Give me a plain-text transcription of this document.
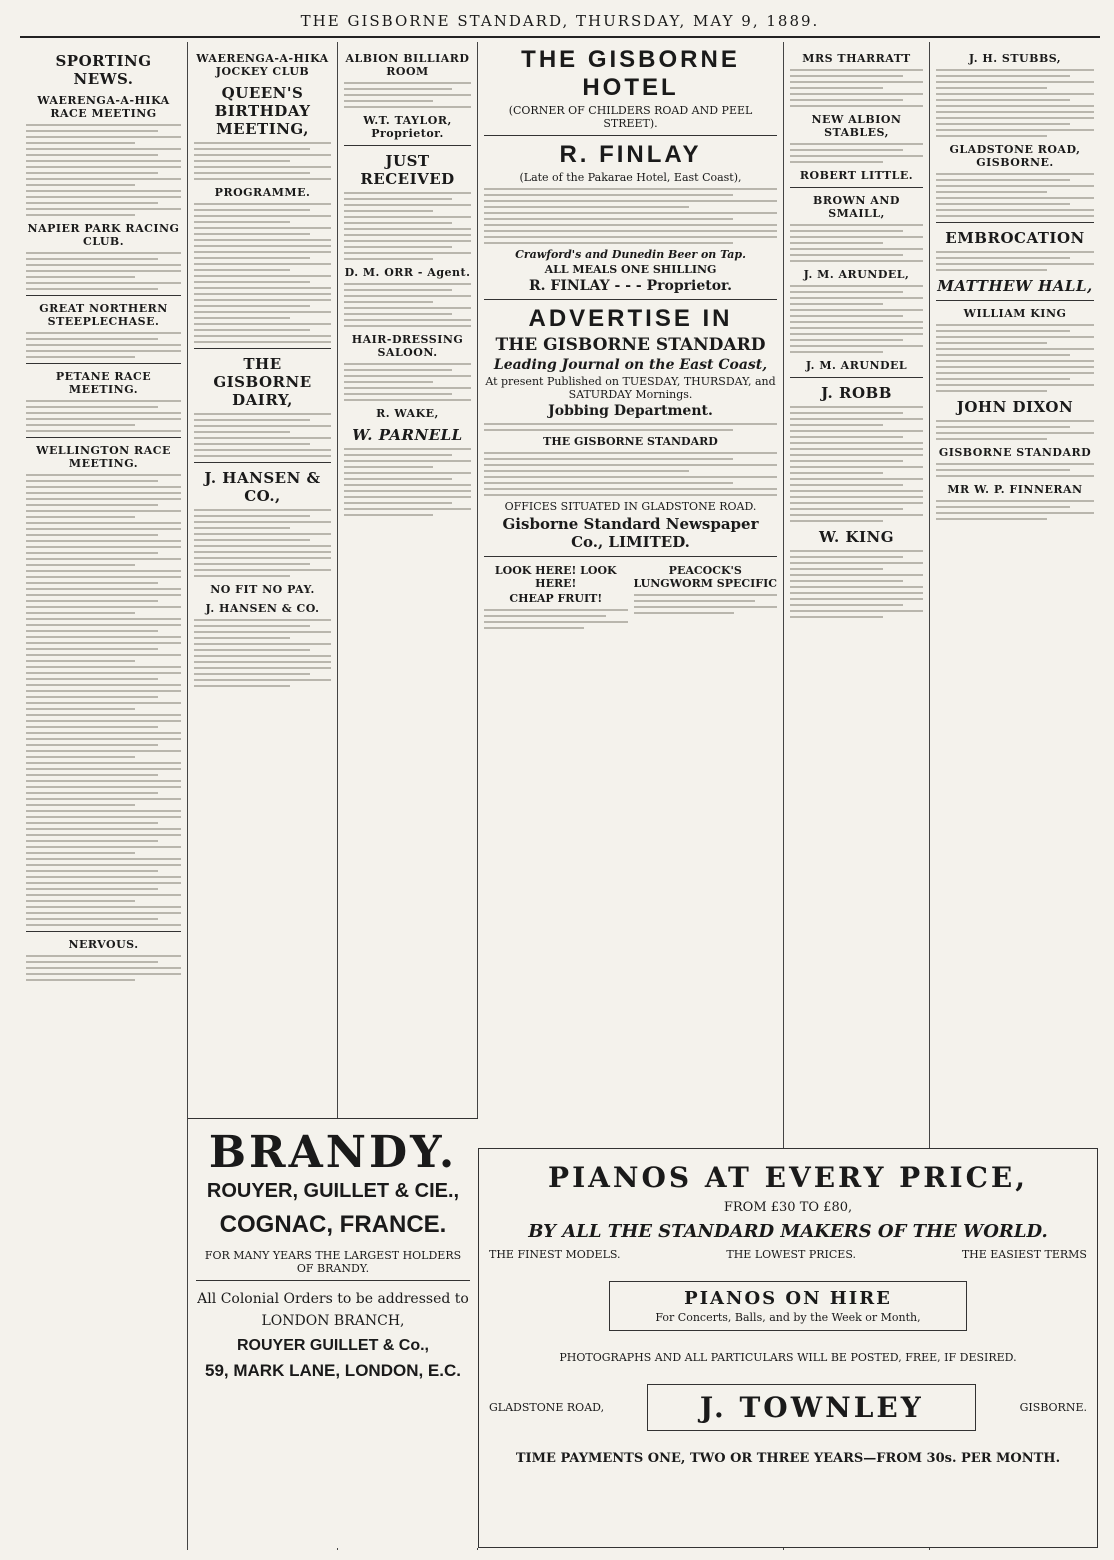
THE GISBORNE STANDARD, THURSDAY, MAY 9, 1889.
SPORTING NEWS.
WAERENGA-A-HIKA RACE MEETING
NAPIER PARK RACING CLUB.
GREAT NORTHERN STEEPLECHASE.
PETANE RACE MEETING.
WELLINGTON RACE MEETING.
NERVOUS.
WAERENGA-A-HIKA JOCKEY CLUB
QUEEN'S BIRTHDAY MEETING,
PROGRAMME.
THE GISBORNE DAIRY,
J. HANSEN & CO.,
NO FIT NO PAY.
J. HANSEN & CO.
ALBION BILLIARD ROOM
W.T. TAYLOR, Proprietor.
JUST RECEIVED
D. M. ORR - Agent.
HAIR-DRESSING SALOON.
R. WAKE,
W. PARNELL
THE GISBORNE HOTEL
(CORNER OF CHILDERS ROAD AND PEEL STREET).
R. FINLAY
(Late of the Pakarae Hotel, East Coast),
Crawford's and Dunedin Beer on Tap.
ALL MEALS ONE SHILLING
R. FINLAY - - - Proprietor.
ADVERTISE IN
THE GISBORNE STANDARD
Leading Journal on the East Coast,
At present Published on TUESDAY, THURSDAY, and SATURDAY Mornings.
Jobbing Department.
THE GISBORNE STANDARD
OFFICES SITUATED IN GLADSTONE ROAD.
Gisborne Standard Newspaper Co., LIMITED.
LOOK HERE! LOOK HERE!
CHEAP FRUIT!
PEACOCK'S LUNGWORM SPECIFIC
MRS THARRATT
NEW ALBION STABLES,
ROBERT LITTLE.
BROWN AND SMAILL,
J. M. ARUNDEL,
J. M. ARUNDEL
J. ROBB
W. KING
J. H. STUBBS,
GLADSTONE ROAD, GISBORNE.
EMBROCATION
MATTHEW HALL,
WILLIAM KING
JOHN DIXON
GISBORNE STANDARD
MR W. P. FINNERAN
BRANDY.
ROUYER, GUILLET & CIE.,
COGNAC, FRANCE.
FOR MANY YEARS THE LARGEST HOLDERS OF BRANDY.
All Colonial Orders to be addressed to
LONDON BRANCH,
ROUYER GUILLET & Co.,
59, MARK LANE, LONDON, E.C.
PIANOS AT EVERY PRICE,
FROM £30 TO £80,
BY ALL THE STANDARD MAKERS OF THE WORLD.
THE FINEST MODELS.	THE LOWEST PRICES.	THE EASIEST TERMS
PIANOS ON HIRE
For Concerts, Balls, and by the Week or Month,
PHOTOGRAPHS AND ALL PARTICULARS WILL BE POSTED, FREE, IF DESIRED.
GLADSTONE ROAD,	J. TOWNLEY	GISBORNE.
TIME PAYMENTS ONE, TWO OR THREE YEARS—FROM 30s. PER MONTH.
